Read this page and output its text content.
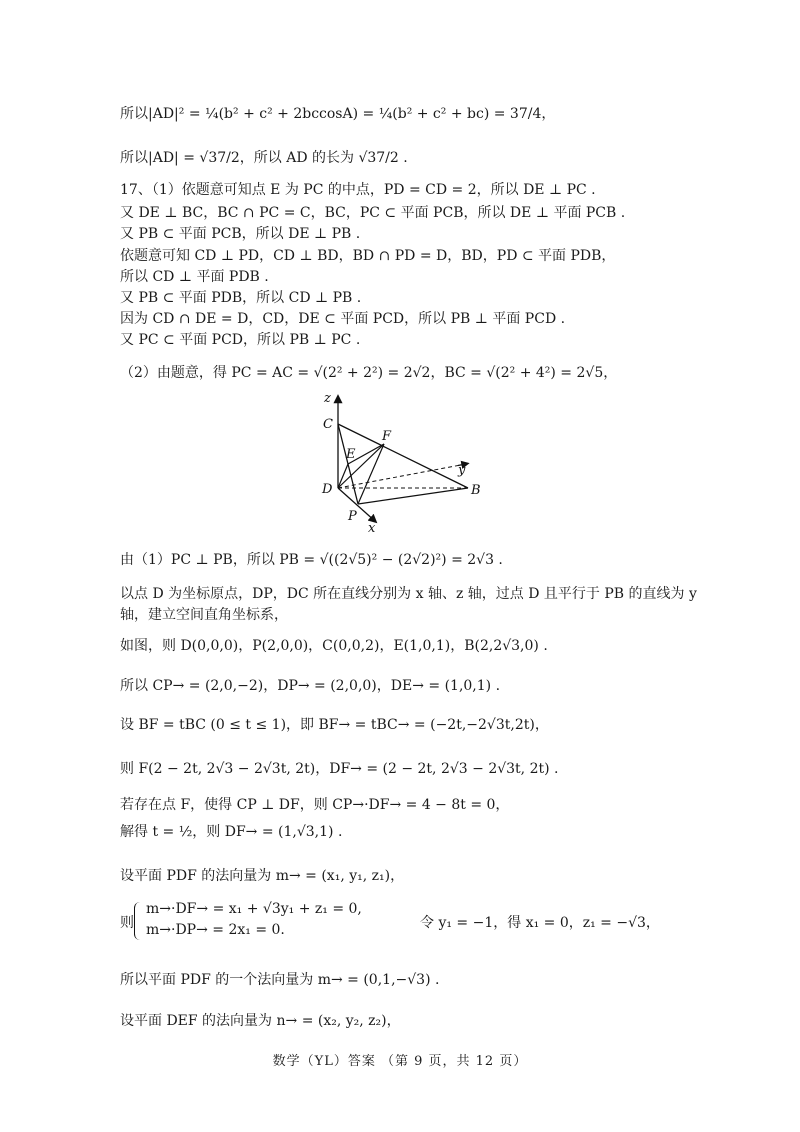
所以|AD|² = ¼(b² + c² + 2bccosA) = ¼(b² + c² + bc) = 37/4，
所以|AD| = √37/2，所以 AD 的长为 √37/2 .
17、（1）依题意可知点 E 为 PC 的中点，PD = CD = 2，所以 DE ⊥ PC .
又 DE ⊥ BC，BC ∩ PC = C，BC，PC ⊂ 平面 PCB，所以 DE ⊥ 平面 PCB .
又 PB ⊂ 平面 PCB，所以 DE ⊥ PB .
依题意可知 CD ⊥ PD，CD ⊥ BD，BD ∩ PD = D，BD，PD ⊂ 平面 PDB，
所以 CD ⊥ 平面 PDB .
又 PB ⊂ 平面 PDB，所以 CD ⊥ PB .
因为 CD ∩ DE = D，CD，DE ⊂ 平面 PCD，所以 PB ⊥ 平面 PCD .
又 PC ⊂ 平面 PCD，所以 PB ⊥ PC .
（2）由题意，得 PC = AC = √(2² + 2²) = 2√2，BC = √(2² + 4²) = 2√5，
z
C
F
E
y
D	B
P
x
由（1）PC ⊥ PB，所以 PB = √((2√5)² − (2√2)²) = 2√3 .
以点 D 为坐标原点，DP，DC 所在直线分别为 x 轴、z 轴，过点 D 且平行于 PB 的直线为 y
轴，建立空间直角坐标系，
如图，则 D(0,0,0)，P(2,0,0)，C(0,0,2)，E(1,0,1)，B(2,2√3,0) .
所以 CP→ = (2,0,−2)，DP→ = (2,0,0)，DE→ = (1,0,1) .
设 BF = tBC (0 ≤ t ≤ 1)，即 BF→ = tBC→ = (−2t,−2√3t,2t)，
则 F(2 − 2t, 2√3 − 2√3t, 2t)，DF→ = (2 − 2t, 2√3 − 2√3t, 2t) .
若存在点 F，使得 CP ⊥ DF，则 CP→·DF→ = 4 − 8t = 0，
解得 t = ½，则 DF→ = (1,√3,1) .
设平面 PDF 的法向量为 m→ = (x₁, y₁, z₁)，
则
m→·DF→ = x₁ + √3y₁ + z₁ = 0,
m→·DP→ = 2x₁ = 0.	令 y₁ = −1，得 x₁ = 0，z₁ = −√3，
所以平面 PDF 的一个法向量为 m→ = (0,1,−√3) .
设平面 DEF 的法向量为 n→ = (x₂, y₂, z₂)，
数学（YL）答案 （第 9 页，共 12 页）
